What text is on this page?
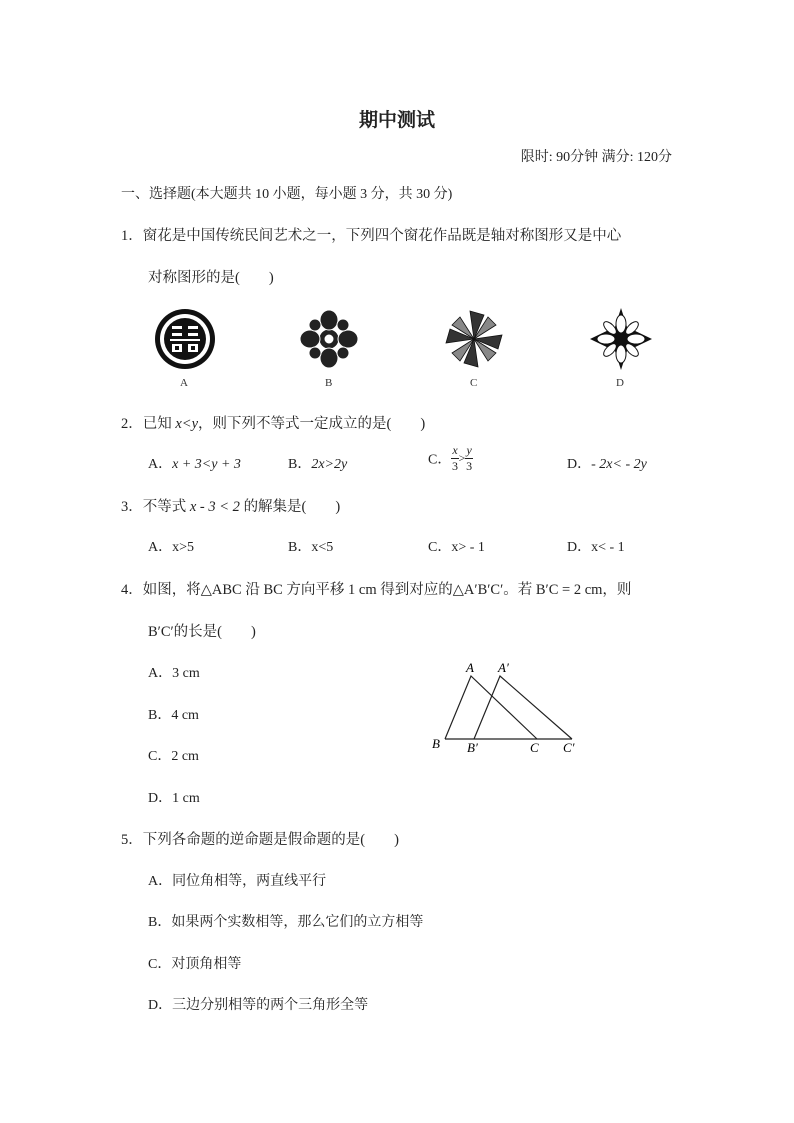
期中测试
限时: 90分钟 满分: 120分
一、选择题(本大题共 10 小题，每小题 3 分，共 30 分)
1．窗花是中国传统民间艺术之一，下列四个窗花作品既是轴对称图形又是中心
对称图形的是(　　)
A	B	C	D
2．已知 x<y，则下列不等式一定成立的是(　　)
A．x + 3<y + 3	B．2x>2y	C． $\frac{x}{3} > \frac{y}{3}$	D．- 2x< - 2y
3．不等式 x - 3 < 2 的解集是(　　)
A．x>5	B．x<5	C．x> - 1	D．x< - 1
4．如图，将△ABC 沿 BC 方向平移 1 cm 得到对应的△A′B′C′。若 B′C = 2 cm，则
B′C′的长是(　　)
A．3 cm
B．4 cm
C．2 cm
D．1 cm
A A′
B B′	C C′
5．下列各命题的逆命题是假命题的是(　　)
A．同位角相等，两直线平行
B．如果两个实数相等，那么它们的立方相等
C．对顶角相等
D．三边分别相等的两个三角形全等
